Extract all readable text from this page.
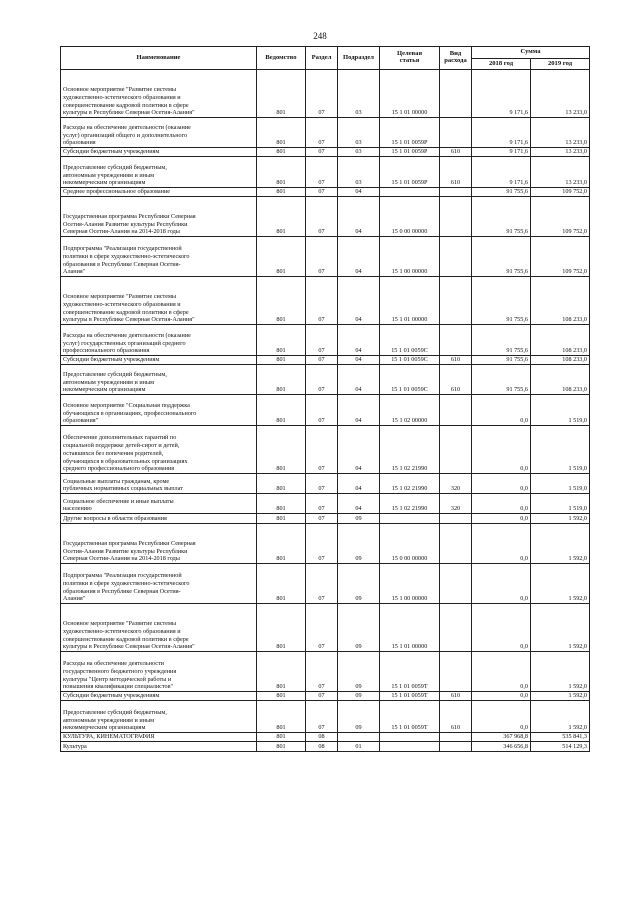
248
Наименование	Ведомство	Раздел	Подраздел	Целевая
статья	Вид
расхода	Сумма	
						2018 год	2019 год
Основное мероприятие "Развитие системы
художественно-эстетического образования и
совершенствование кадровой политики в сфере
культуры в Республике Северная Осетия-Алания"	801	07	03	15 1 01 00000		9 171,6	13 233,0
Расходы на обеспечение деятельности (оказание
услуг) организаций общего и дополнительного
образования	801	07	03	15 1 01 0059Р		9 171,6	13 233,0
Субсидии бюджетным учреждениям	801	07	03	15 1 01 0059Р	610	9 171,6	13 233,0
Предоставление субсидий бюджетным,
автономным учреждениям и иным
некоммерческим организациям	801	07	03	15 1 01 0059Р	610	9 171,6	13 233,0
Среднее профессиональное образование	801	07	04			91 755,6	109 752,0
Государственная программа Республики Северная
Осетия-Алания Развитие культуры Республики
Северная Осетия-Алания на 2014-2018 годы	801	07	04	15 0 00 00000		91 755,6	109 752,0
Подпрограмма "Реализация государственной
политики в сфере художественно-эстетического
образования в Республике Северная Осетия-
Алания"	801	07	04	15 1 00 00000		91 755,6	109 752,0
Основное мероприятие "Развитие системы
художественно-эстетического образования и
совершенствование кадровой политики в сфере
культуры в Республике Северная Осетия-Алания"	801	07	04	15 1 01 00000		91 755,6	108 233,0
Расходы на обеспечение деятельности (оказание
услуг) государственных организаций среднего
профессионального образования	801	07	04	15 1 01 0059С		91 755,6	108 233,0
Субсидии бюджетным учреждениям	801	07	04	15 1 01 0059С	610	91 755,6	108 233,0
Предоставление субсидий бюджетным,
автономным учреждениям и иным
некоммерческим организациям	801	07	04	15 1 01 0059С	610	91 755,6	108 233,0
Основное мероприятие "Социальная поддержка
обучающихся в организациях, профессионального
образования"	801	07	04	15 1 02 00000		0,0	1 519,0
Обеспечение дополнительных гарантий по
социальной поддержке детей-сирот и детей,
оставшихся без попечения родителей,
обучающихся в образовательных организациях
среднего профессионального образования	801	07	04	15 1 02 21990		0,0	1 519,0
Социальные выплаты гражданам, кроме
публичных нормативных социальных выплат	801	07	04	15 1 02 21990	320	0,0	1 519,0
Социальное обеспечение и иные выплаты
населению	801	07	04	15 1 02 21990	320	0,0	1 519,0
Другие вопросы в области образования	801	07	09			0,0	1 592,0
Государственная программа Республики Северная
Осетия-Алания Развитие культуры Республики
Северная Осетия-Алания на 2014-2018 годы	801	07	09	15 0 00 00000		0,0	1 592,0
Подпрограмма "Реализация государственной
политики в сфере художественно-эстетического
образования в Республике Северная Осетия-
Алания"	801	07	09	15 1 00 00000		0,0	1 592,0
Основное мероприятие "Развитие системы
художественно-эстетического образования и
совершенствование кадровой политики в сфере
культуры в Республике Северная Осетия-Алания"	801	07	09	15 1 01 00000		0,0	1 592,0
Расходы на обеспечение деятельности
государственного бюджетного учреждения
культуры "Центр методической работы и
повышения квалификации специалистов"	801	07	09	15 1 01 0059Т		0,0	1 592,0
Субсидии бюджетным учреждениям	801	07	09	15 1 01 0059Т	610	0,0	1 592,0
Предоставление субсидий бюджетным,
автономным учреждениям и иным
некоммерческим организациям	801	07	09	15 1 01 0059Т	610	0,0	1 592,0
КУЛЬТУРА, КИНЕМАТОГРАФИЯ	801	08				367 968,8	535 841,3
Культура	801	08	01			346 656,8	514 129,3
